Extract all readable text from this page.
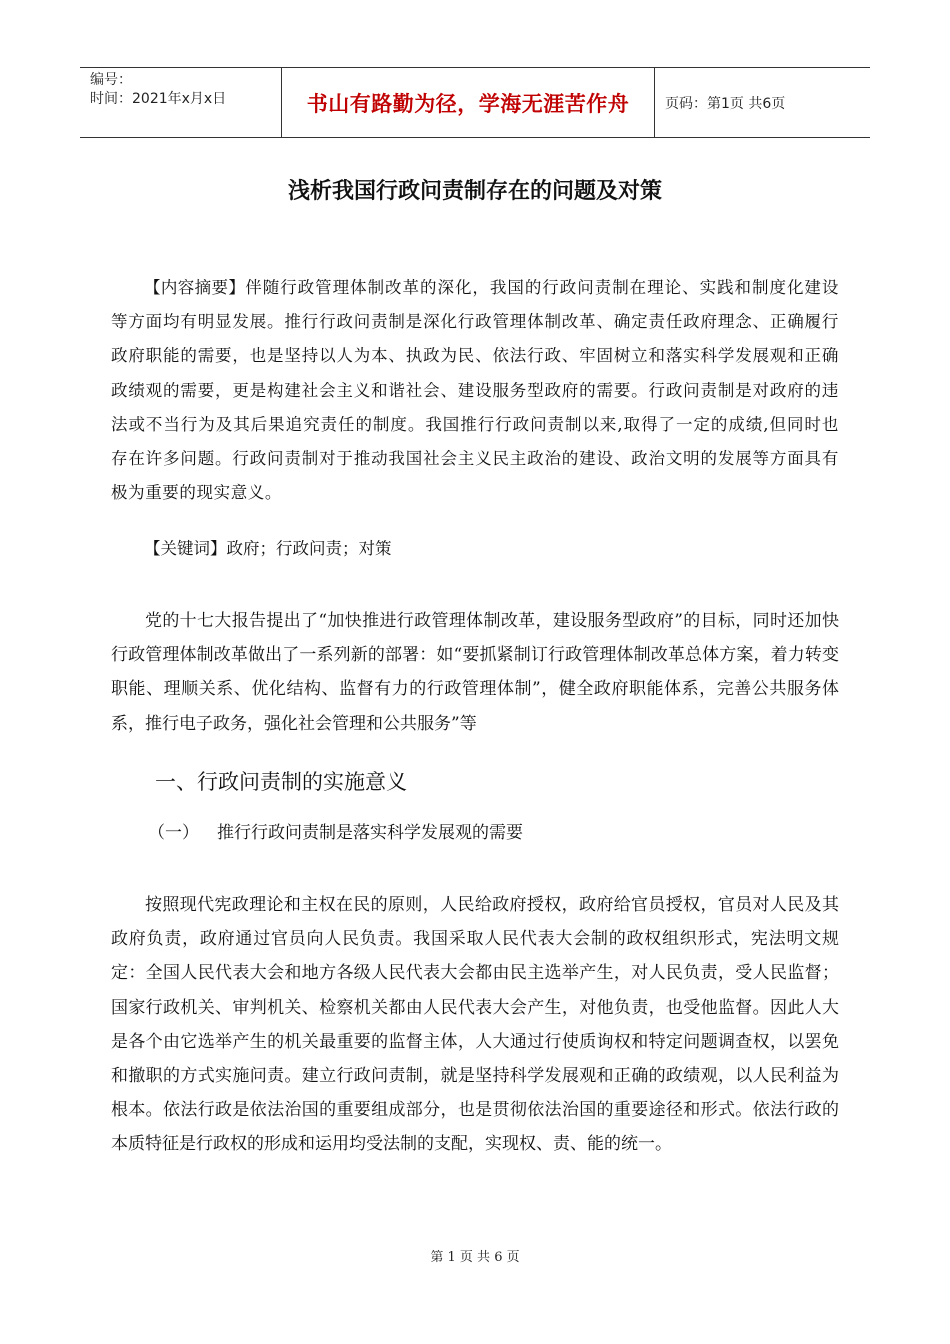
编号：
时间：2021年x月x日	书山有路勤为径，学海无涯苦作舟	页码：第1页 共6页
浅析我国行政问责制存在的问题及对策

【内容摘要】伴随行政管理体制改革的深化，我国的行政问责制在理论、实践和制度化建设等方面均有明显发展。推行行政问责制是深化行政管理体制改革、确定责任政府理念、正确履行政府职能的需要，也是坚持以人为本、执政为民、依法行政、牢固树立和落实科学发展观和正确政绩观的需要，更是构建社会主义和谐社会、建设服务型政府的需要。行政问责制是对政府的违法或不当行为及其后果追究责任的制度。我国推行行政问责制以来,取得了一定的成绩,但同时也存在许多问题。行政问责制对于推动我国社会主义民主政治的建设、政治文明的发展等方面具有极为重要的现实意义。

【关键词】政府；行政问责；对策

党的十七大报告提出了“加快推进行政管理体制改革，建设服务型政府”的目标，同时还加快行政管理体制改革做出了一系列新的部署：如“要抓紧制订行政管理体制改革总体方案，着力转变职能、理顺关系、优化结构、监督有力的行政管理体制”，健全政府职能体系，完善公共服务体系，推行电子政务，强化社会管理和公共服务”等

一、行政问责制的实施意义
（一） 推行行政问责制是落实科学发展观的需要

按照现代宪政理论和主权在民的原则，人民给政府授权，政府给官员授权，官员对人民及其政府负责，政府通过官员向人民负责。我国采取人民代表大会制的政权组织形式，宪法明文规定：全国人民代表大会和地方各级人民代表大会都由民主选举产生，对人民负责，受人民监督；国家行政机关、审判机关、检察机关都由人民代表大会产生，对他负责，也受他监督。因此人大是各个由它选举产生的机关最重要的监督主体，人大通过行使质询权和特定问题调查权，以罢免和撤职的方式实施问责。建立行政问责制，就是坚持科学发展观和正确的政绩观，以人民利益为根本。依法行政是依法治国的重要组成部分，也是贯彻依法治国的重要途径和形式。依法行政的本质特征是行政权的形成和运用均受法制的支配，实现权、责、能的统一。

第 1 页 共 6 页
